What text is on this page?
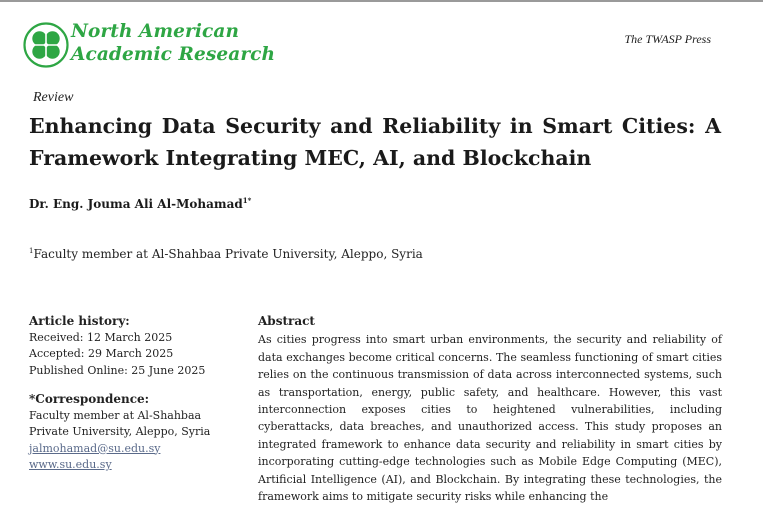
North American
Academic Research
The TWASP Press
Review
Enhancing Data Security and Reliability in Smart Cities: A Framework Integrating MEC, AI, and Blockchain
Dr. Eng. Jouma Ali Al-Mohamad$^{1*}$
$^1$Faculty member at Al-Shahbaa Private University, Aleppo, Syria
Article history:
Received: 12 March 2025
Accepted: 29 March 2025
Published Online: 25 June 2025
*Correspondence:
Faculty member at Al-Shahbaa
Private University, Aleppo, Syria
jalmohamad@su.edu.sy
www.su.edu.sy
Abstract
As cities progress into smart urban environments, the security and reliability of data exchanges become critical concerns. The seamless functioning of smart cities relies on the continuous transmission of data across interconnected systems, such as transportation, energy, public safety, and healthcare. However, this vast interconnection exposes cities to heightened vulnerabilities, including cyberattacks, data breaches, and unauthorized access. This study proposes an integrated framework to enhance data security and reliability in smart cities by incorporating cutting-edge technologies such as Mobile Edge Computing (MEC), Artificial Intelligence (AI), and Blockchain. By integrating these technologies, the framework aims to mitigate security risks while enhancing the
